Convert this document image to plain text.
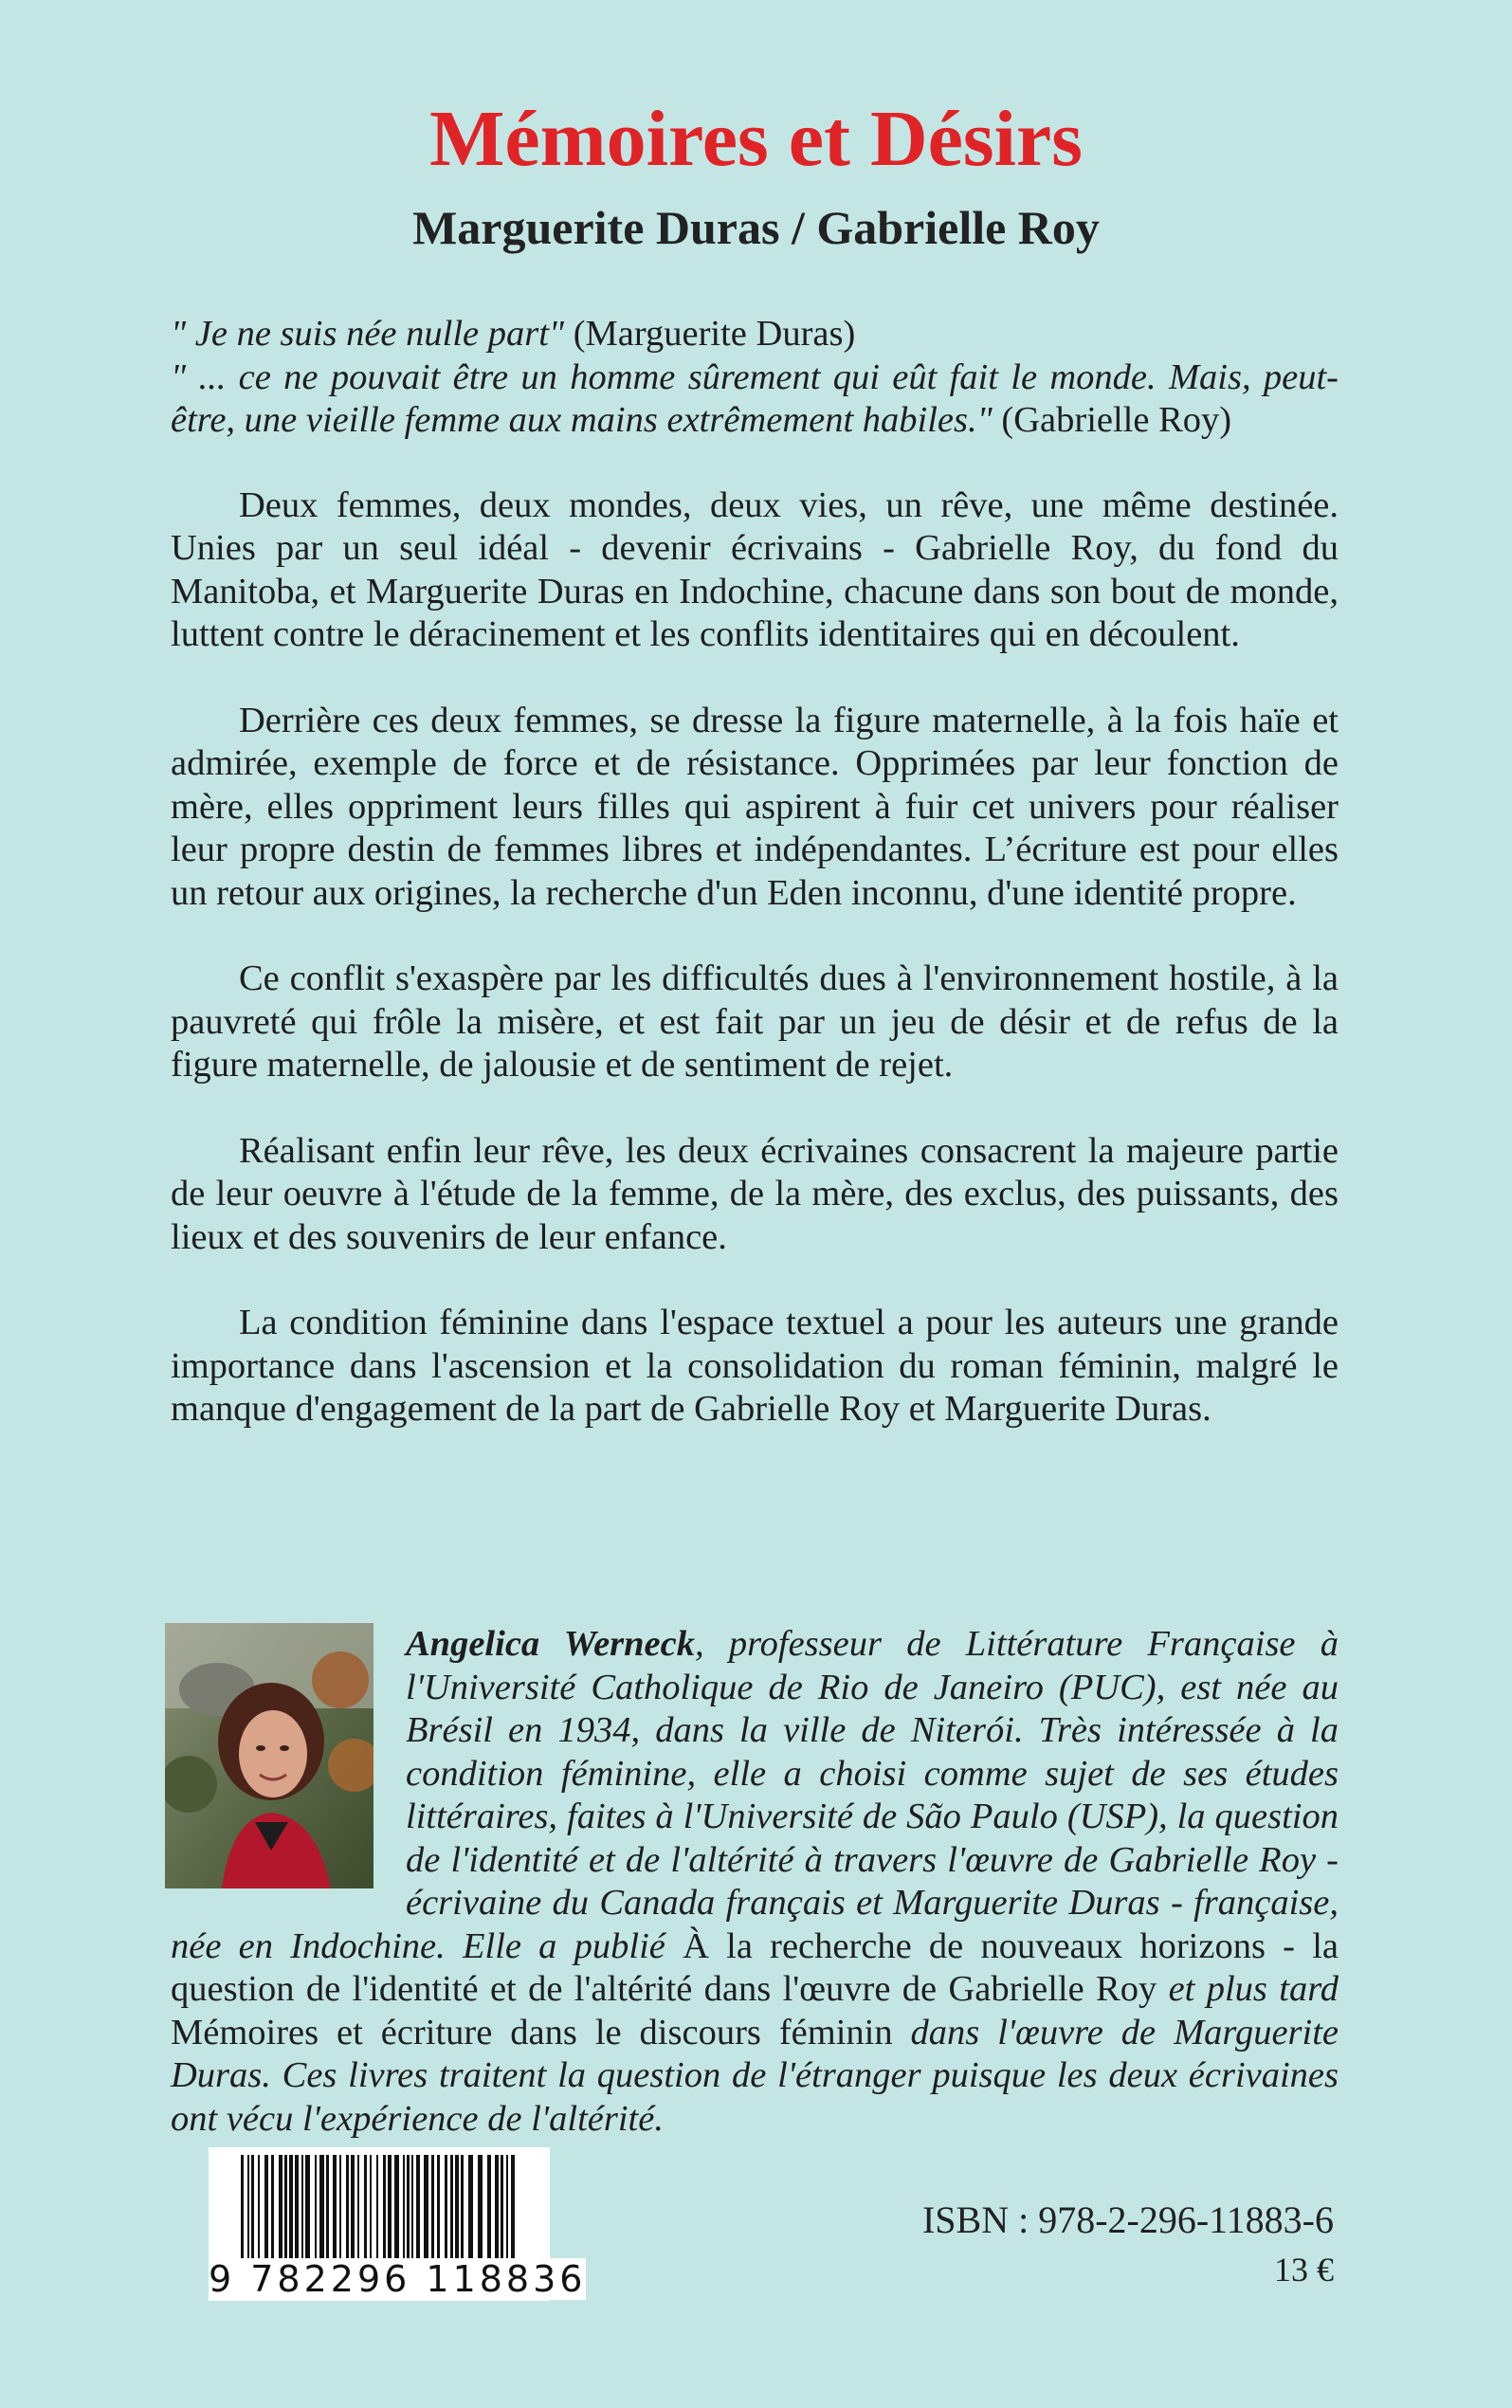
Mémoires et Désirs
Marguerite Duras / Gabrielle Roy

" Je ne suis née nulle part" (Marguerite Duras)
" ... ce ne pouvait être un homme sûrement qui eût fait le monde. Mais, peut-être, une vieille femme aux mains extrêmement habiles." (Gabrielle Roy)

Deux femmes, deux mondes, deux vies, un rêve, une même destinée. Unies par un seul idéal - devenir écrivains - Gabrielle Roy, du fond du Manitoba, et Marguerite Duras en Indochine, chacune dans son bout de monde, luttent contre le déracinement et les conflits identitaires qui en découlent.

Derrière ces deux femmes, se dresse la figure maternelle, à la fois haïe et admirée, exemple de force et de résistance. Opprimées par leur fonction de mère, elles oppriment leurs filles qui aspirent à fuir cet univers pour réaliser leur propre destin de femmes libres et indépendantes. L’écriture est pour elles un retour aux origines, la recherche d'un Eden inconnu, d'une identité propre.

Ce conflit s'exaspère par les difficultés dues à l'environnement hostile, à la pauvreté qui frôle la misère, et est fait par un jeu de désir et de refus de la figure maternelle, de jalousie et de sentiment de rejet.

Réalisant enfin leur rêve, les deux écrivaines consacrent la majeure partie de leur oeuvre à l'étude de la femme, de la mère, des exclus, des puissants, des lieux et des souvenirs de leur enfance.

La condition féminine dans l'espace textuel a pour les auteurs une grande importance dans l'ascension et la consolidation du roman féminin, malgré le manque d'engagement de la part de Gabrielle Roy et Marguerite Duras.

Angelica Werneck, professeur de Littérature Française à l'Université Catholique de Rio de Janeiro (PUC), est née au Brésil en 1934, dans la ville de Niterói. Très intéressée à la condition féminine, elle a choisi comme sujet de ses études littéraires, faites à l'Université de São Paulo (USP), la question de l'identité et de l'altérité à travers l'œuvre de Gabrielle Roy - écrivaine du Canada français et Marguerite Duras - française, née en Indochine. Elle a publié À la recherche de nouveaux horizons - la question de l'identité et de l'altérité dans l'œuvre de Gabrielle Roy et plus tard Mémoires et écriture dans le discours féminin dans l'œuvre de Marguerite Duras. Ces livres traitent la question de l'étranger puisque les deux écrivaines ont vécu l'expérience de l'altérité.
9 782296 118836
ISBN : 978-2-296-11883-6
13 €
